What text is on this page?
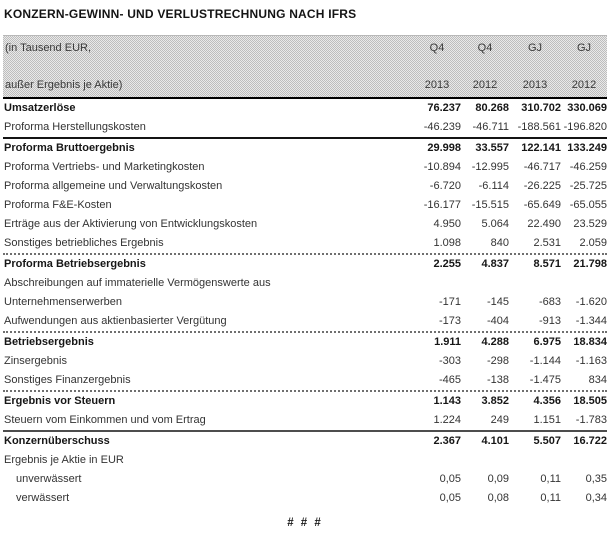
KONZERN-GEWINN- UND VERLUSTRECHNUNG NACH IFRS
(in Tausend EUR,	Q4	Q4	GJ	GJ
außer Ergebnis je Aktie)	2013	2012	2013	2012
Umsatzerlöse	76.237	80.268	310.702 330.069
Proforma Herstellungskosten	-46.239	-46.711 -188.561 -196.820
Proforma Bruttoergebnis	29.998	33.557	122.141 133.249
Proforma Vertriebs- und Marketingkosten	-10.894 -12.995	-46.717 -46.259
Proforma allgemeine und Verwaltungskosten	-6.720	-6.114	-26.225 -25.725
Proforma F&E-Kosten	-16.177 -15.515	-65.649 -65.055
Erträge aus der Aktivierung von Entwicklungskosten	4.950	5.064	22.490	23.529
Sonstiges betriebliches Ergebnis	1.098	840	2.531	2.059
Proforma Betriebsergebnis	2.255	4.837	8.571	21.798
Abschreibungen auf immaterielle Vermögenswerte aus
Unternehmenserwerben	-171	-145	-683	-1.620
Aufwendungen aus aktienbasierter Vergütung	-173	-404	-913	-1.344
Betriebsergebnis	1.911	4.288	6.975	18.834
Zinsergebnis	-303	-298	-1.144	-1.163
Sonstiges Finanzergebnis	-465	-138	-1.475	834
Ergebnis vor Steuern	1.143	3.852	4.356	18.505
Steuern vom Einkommen und vom Ertrag	1.224	249	1.151	-1.783
Konzernüberschuss	2.367	4.101	5.507	16.722
Ergebnis je Aktie in EUR
unverwässert	0,05	0,09	0,11	0,35
verwässert	0,05	0,08	0,11	0,34
# # #
